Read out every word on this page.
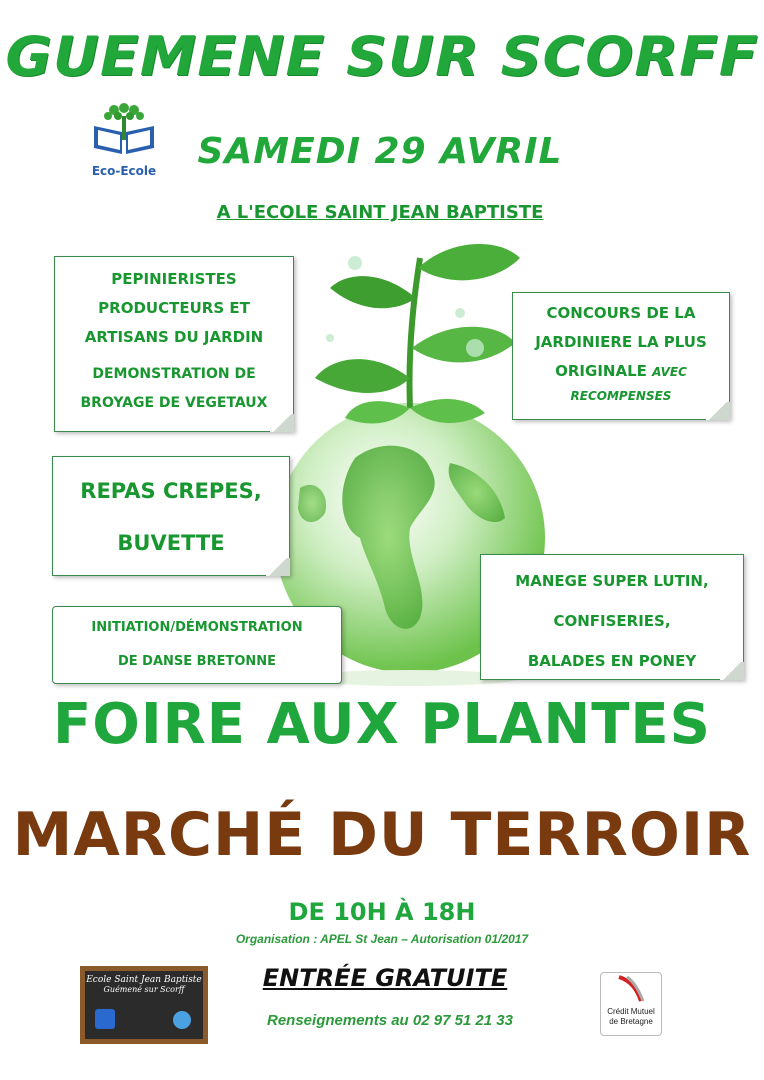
GUEMENE SUR SCORFF
Eco-Ecole	SAMEDI 29 AVRIL
A L'ECOLE SAINT JEAN BAPTISTE
PEPINIERISTES
PRODUCTEURS ET
ARTISANS DU JARDIN
DEMONSTRATION DE
BROYAGE DE VEGETAUX
CONCOURS DE LA
JARDINIERE LA PLUS
ORIGINALE AVEC
RECOMPENSES
REPAS CREPES,
BUVETTE
MANEGE SUPER LUTIN,
CONFISERIES,
BALADES EN PONEY
INITIATION/DÉMONSTRATION
DE DANSE BRETONNE
FOIRE AUX PLANTES
MARCHÉ DU TERROIR
DE 10H À 18H
Organisation : APEL St Jean – Autorisation 01/2017
Ecole Saint Jean Baptiste
Guémené sur Scorff	ENTRÉE GRATUITE
Renseignements au 02 97 51 21 33
Crédit Mutuel
de Bretagne
